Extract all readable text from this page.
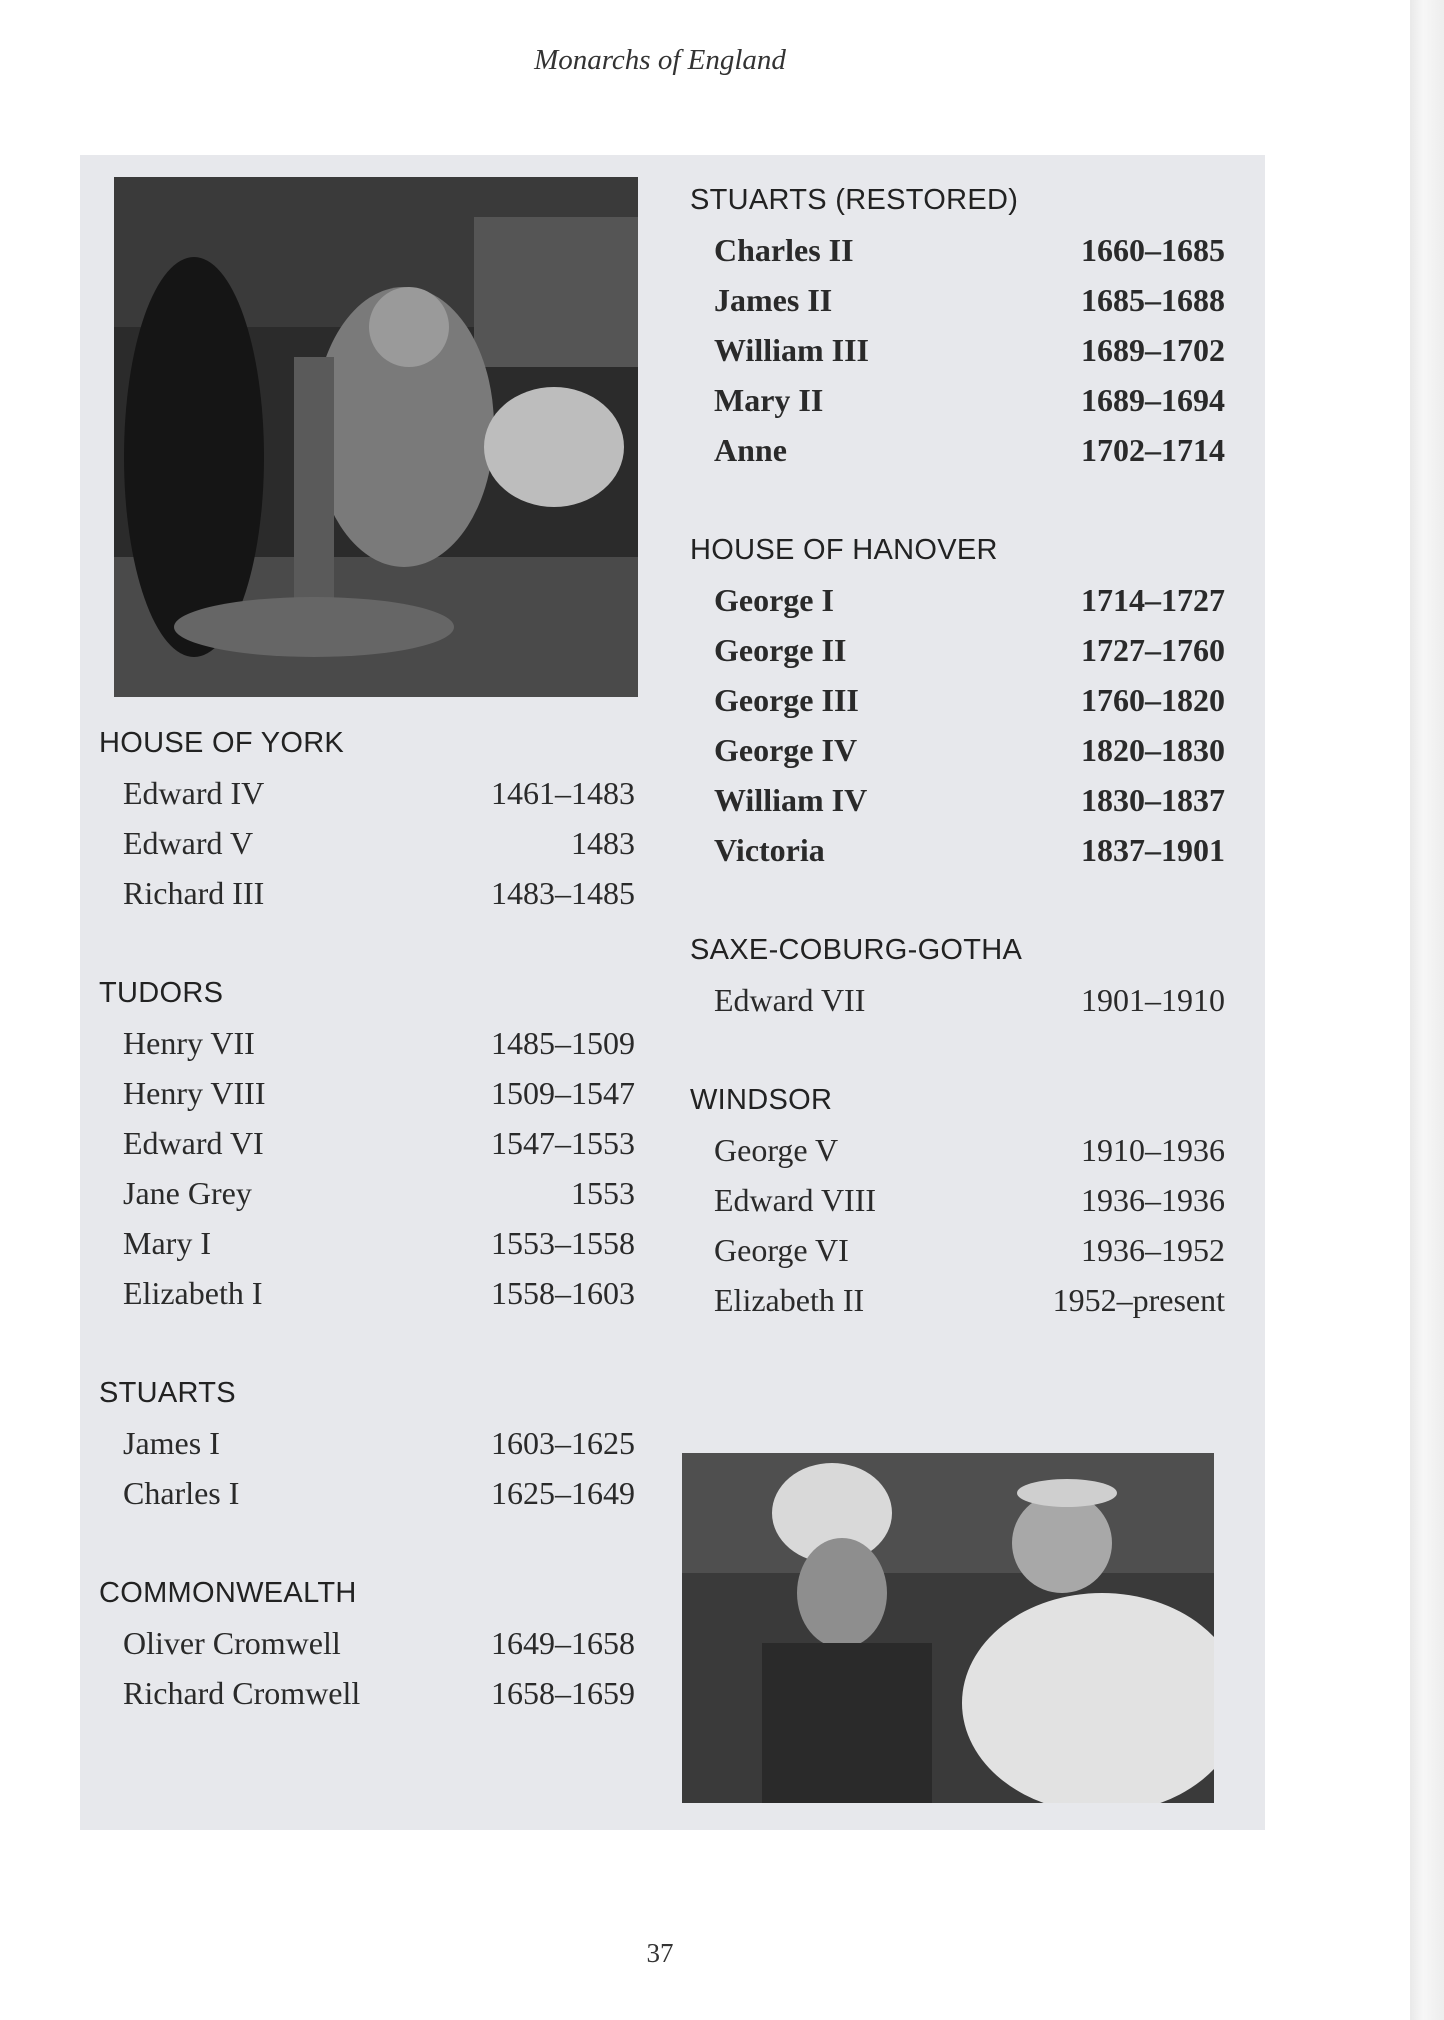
Monarchs of England
HOUSE OF YORK
Edward IV	1461–1483
Edward V	1483
Richard III	1483–1485
TUDORS
Henry VII	1485–1509
Henry VIII	1509–1547
Edward VI	1547–1553
Jane Grey	1553
Mary I	1553–1558
Elizabeth I	1558–1603
STUARTS
James I	1603–1625
Charles I	1625–1649
COMMONWEALTH
Oliver Cromwell	1649–1658
Richard Cromwell	1658–1659
STUARTS (RESTORED)
Charles II	1660–1685
James II	1685–1688
William III	1689–1702
Mary II	1689–1694
Anne	1702–1714
HOUSE OF HANOVER
George I	1714–1727
George II	1727–1760
George III	1760–1820
George IV	1820–1830
William IV	1830–1837
Victoria	1837–1901
SAXE-COBURG-GOTHA
Edward VII	1901–1910
WINDSOR
George V	1910–1936
Edward VIII	1936–1936
George VI	1936–1952
Elizabeth II	1952–present
37
